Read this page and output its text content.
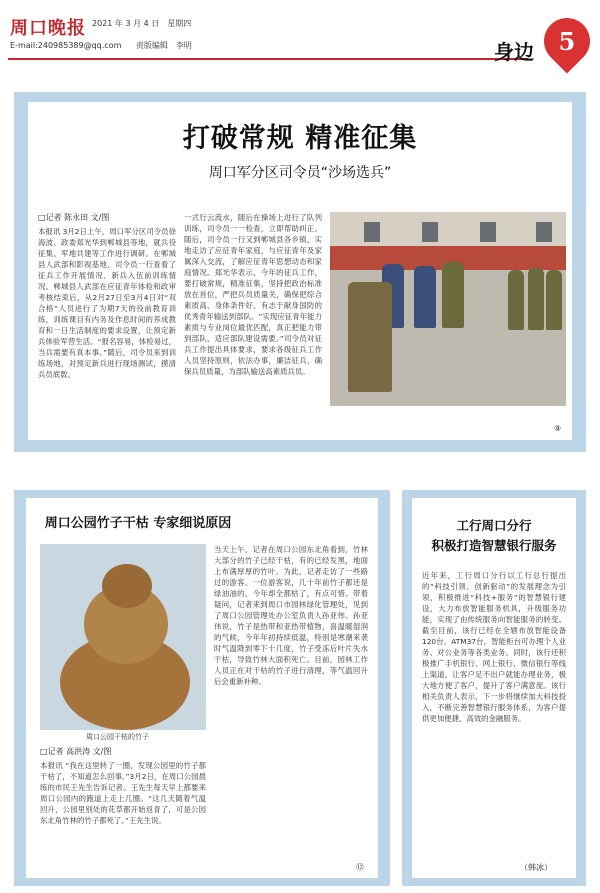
周口晚报 2021 年 3 月 4 日　星期四
E-mail:240985389@qq.com 责版编辑　李明	身边	5
打破常规 精准征集
周口军分区司令员“沙场选兵”
□记者 陈永田 文/图
本报讯 3月2日上午，周口军分区司令员徐海波、政委郑光华到郸城县等地，就兵役征集、军地共建等工作进行调研。在郸城县人武部和影视基地，司令员一行查看了征兵工作开展情况、新兵入伍前训练情况。郸城县人武部在应征青年体检和政审考核结束后，从2月27日至3月4日对“双合格”人员进行了为期7天的役前教育训练，训练课目有内务及作息时间的养成教育和一日生活制度的要求设置，让预定新兵体验军营生活。“报名容易，体检易过，当兵需要有真本事。”随后，司令员来到训练场地，对预定新兵进行现场测试，摸清兵员底数。
一式行云流水，随后在操场上进行了队列训练，司令员一一检查，立即帮助纠正。随后，司令员一行又到郸城县各乡镇，实地走访了应征青年家庭，与应征青年及家属深入交流，了解应征青年思想动态和家庭情况。郑光华表示，今年的征兵工作，要打破常规，精准征集，坚持把政治标准放在首位，严把兵员质量关，确保把综合素质高、身体条件好、有志于献身国防的优秀青年输送到部队。“实现应征青年能力素质与专业岗位最优匹配，真正把能力带到部队，适应部队建设需要。”司令员对征兵工作提出具体要求，要求各级征兵工作人员坚持原则，依法办事，廉洁征兵，确保兵员质量，为部队输送高素质兵员。
⑨
周口公园竹子干枯 专家细说原因
周口公园干枯的竹子
□记者 高洪涛 文/图
本报讯 “我在这里转了一圈，发现公园里的竹子都干枯了，不知道怎么回事。”3月2日，在周口公园晨练的市民王先生告诉记者。王先生每天早上都要来周口公园内的跑道上走上几圈。“这几天随着气温回升，公园里别处的花草都开始返青了，可是公园东北角竹林的竹子都死了。”王先生说。
当天上午，记者在周口公园东北角看到，竹林大部分的竹子已经干枯，有的已经发黑，地面上布满厚厚的竹叶。为此，记者走访了一些路过的游客。一位游客说，几十年前竹子都还是绿油油的，今年却全都枯了，有点可惜。带着疑问，记者来到周口市园林绿化管理处，见到了周口公园管理处办公室负责人孙亚伟。孙亚伟说，竹子是热带和亚热带植物，喜温暖湿润的气候，今年年初持续低温，特别是寒潮来袭时气温降到零下十几度，竹子受冻后叶片失水干枯，导致竹林大面积死亡。目前，园林工作人员正在对干枯的竹子进行清理，等气温回升后会重新补种。
⑫
工行周口分行
积极打造智慧银行服务
近年来，工行周口分行以工行总行提出的“科技引领、创新驱动”的发展理念为引领，积极推进“科技+服务”的智慧银行建设，大力布放智能服务机具，升级服务功能，实现了由传统服务向智能服务的转变。截至目前，该行已经在全辖布放智能设备120台、ATM37台，智能柜台可办理个人业务、对公业务等各类业务。同时，该行还积极推广手机银行、网上银行、微信银行等线上渠道，让客户足不出户就能办理业务，极大地方便了客户，提升了客户满意度。该行相关负责人表示，下一步将继续加大科技投入，不断完善智慧银行服务体系，为客户提供更加便捷、高效的金融服务。
（韩冰）
